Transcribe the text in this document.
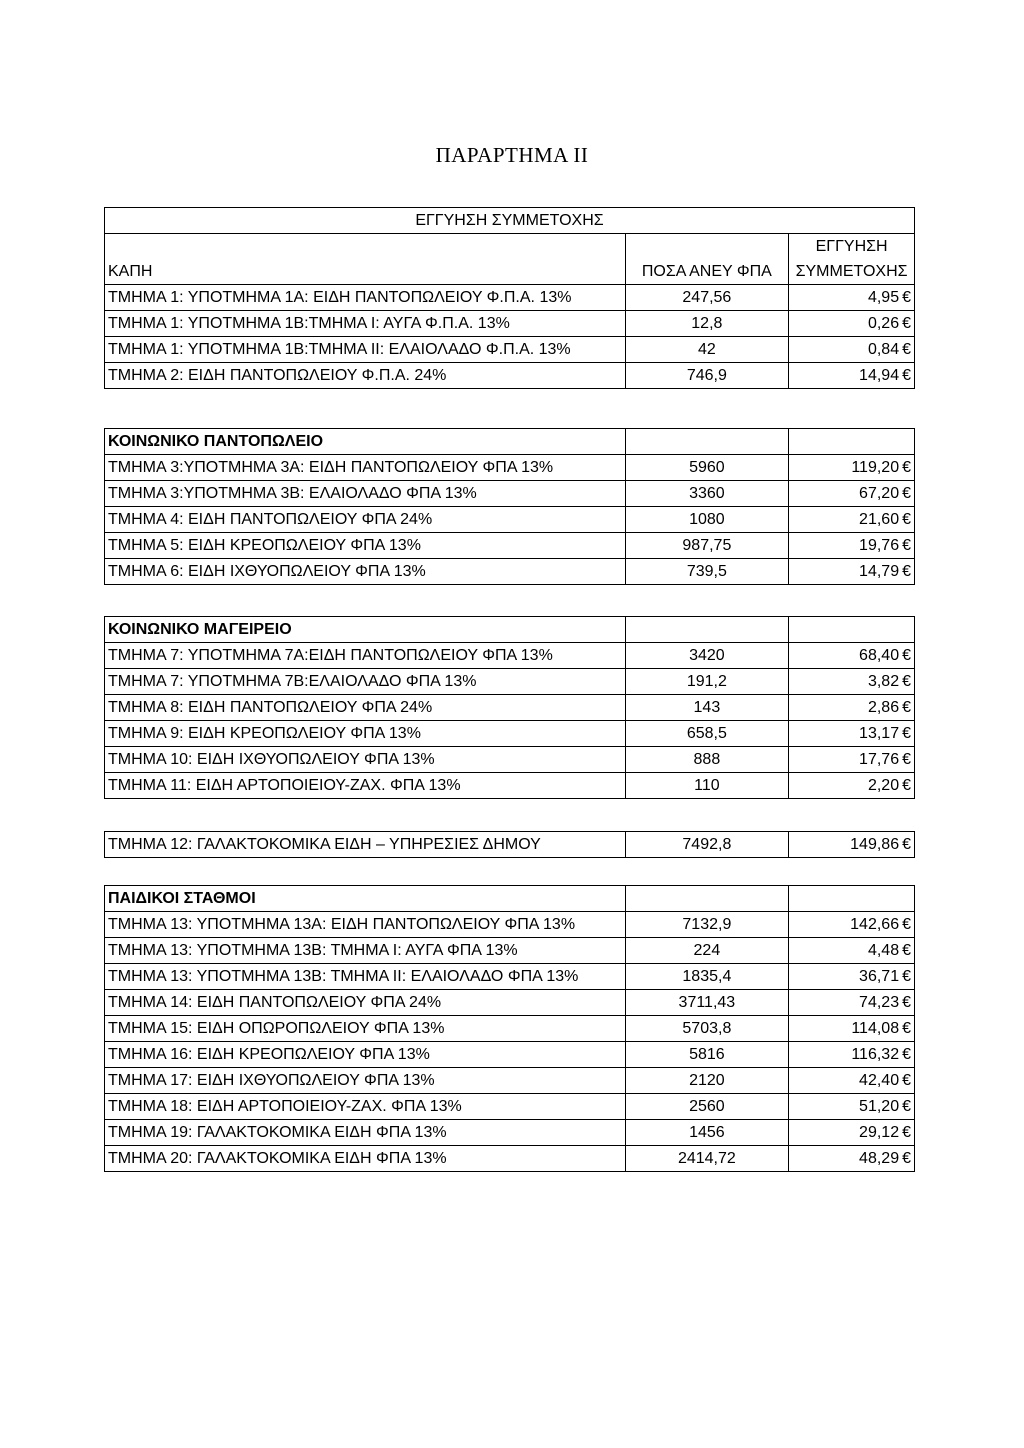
ΠΑΡΑΡΤΗΜΑ ΙΙ
ΕΓΓΥΗΣΗ ΣΥΜΜΕΤΟΧΗΣ		
ΚΑΠΗ	ΠΟΣΑ ΑΝΕΥ ΦΠΑ	ΕΓΓΥΗΣΗ
ΣΥΜΜΕΤΟΧΗΣ
ΤΜΗΜΑ 1: ΥΠΟΤΜΗΜΑ 1Α: ΕΙΔΗ ΠΑΝΤΟΠΩΛΕΙΟΥ Φ.Π.Α. 13%	247,56	4,95 €
ΤΜΗΜΑ 1: ΥΠΟΤΜΗΜΑ 1Β:ΤΜΗΜΑ Ι: ΑΥΓΑ Φ.Π.Α. 13%	12,8	0,26 €
ΤΜΗΜΑ 1: ΥΠΟΤΜΗΜΑ 1Β:ΤΜΗΜΑ ΙΙ: ΕΛΑΙΟΛΑΔΟ Φ.Π.Α. 13%	42	0,84 €
ΤΜΗΜΑ 2: ΕΙΔΗ ΠΑΝΤΟΠΩΛΕΙΟΥ Φ.Π.Α. 24%	746,9	14,94 €
ΚΟΙΝΩΝΙΚΟ ΠΑΝΤΟΠΩΛΕΙΟ		
ΤΜΗΜΑ 3:ΥΠΟΤΜΗΜΑ 3Α: ΕΙΔΗ ΠΑΝΤΟΠΩΛΕΙΟΥ ΦΠΑ 13%	5960	119,20 €
ΤΜΗΜΑ 3:ΥΠΟΤΜΗΜΑ 3Β: ΕΛΑΙΟΛΑΔΟ ΦΠΑ 13%	3360	67,20 €
ΤΜΗΜΑ 4: ΕΙΔΗ ΠΑΝΤΟΠΩΛΕΙΟΥ ΦΠΑ 24%	1080	21,60 €
ΤΜΗΜΑ 5: ΕΙΔΗ ΚΡΕΟΠΩΛΕΙΟΥ ΦΠΑ 13%	987,75	19,76 €
ΤΜΗΜΑ 6: ΕΙΔΗ ΙΧΘΥΟΠΩΛΕΙΟΥ ΦΠΑ 13%	739,5	14,79 €
ΚΟΙΝΩΝΙΚΟ ΜΑΓΕΙΡΕΙΟ		
ΤΜΗΜΑ 7: ΥΠΟΤΜΗΜΑ 7Α:ΕΙΔΗ ΠΑΝΤΟΠΩΛΕΙΟΥ ΦΠΑ 13%	3420	68,40 €
ΤΜΗΜΑ 7: ΥΠΟΤΜΗΜΑ 7Β:ΕΛΑΙΟΛΑΔΟ ΦΠΑ 13%	191,2	3,82 €
ΤΜΗΜΑ 8: ΕΙΔΗ ΠΑΝΤΟΠΩΛΕΙΟΥ ΦΠΑ 24%	143	2,86 €
ΤΜΗΜΑ 9: ΕΙΔΗ ΚΡΕΟΠΩΛΕΙΟΥ ΦΠΑ 13%	658,5	13,17 €
ΤΜΗΜΑ 10: ΕΙΔΗ ΙΧΘΥΟΠΩΛΕΙΟΥ ΦΠΑ 13%	888	17,76 €
ΤΜΗΜΑ 11: ΕΙΔΗ ΑΡΤΟΠΟΙΕΙΟΥ-ΖΑΧ. ΦΠΑ 13%	110	2,20 €
ΤΜΗΜΑ 12: ΓΑΛΑΚΤΟΚΟΜΙΚΑ ΕΙΔΗ – ΥΠΗΡΕΣΙΕΣ ΔΗΜΟΥ	7492,8	149,86 €
ΠΑΙΔΙΚΟΙ ΣΤΑΘΜΟΙ		
ΤΜΗΜΑ 13: ΥΠΟΤΜΗΜΑ 13Α: ΕΙΔΗ ΠΑΝΤΟΠΩΛΕΙΟΥ ΦΠΑ 13%	7132,9	142,66 €
ΤΜΗΜΑ 13: ΥΠΟΤΜΗΜΑ 13Β: ΤΜΗΜΑ Ι: ΑΥΓΑ ΦΠΑ 13%	224	4,48 €
ΤΜΗΜΑ 13: ΥΠΟΤΜΗΜΑ 13Β: ΤΜΗΜΑ ΙΙ: ΕΛΑΙΟΛΑΔΟ ΦΠΑ 13%	1835,4	36,71 €
ΤΜΗΜΑ 14: ΕΙΔΗ ΠΑΝΤΟΠΩΛΕΙΟΥ ΦΠΑ 24%	3711,43	74,23 €
ΤΜΗΜΑ 15: ΕΙΔΗ ΟΠΩΡΟΠΩΛΕΙΟΥ ΦΠΑ 13%	5703,8	114,08 €
ΤΜΗΜΑ 16: ΕΙΔΗ ΚΡΕΟΠΩΛΕΙΟΥ ΦΠΑ 13%	5816	116,32 €
ΤΜΗΜΑ 17: ΕΙΔΗ ΙΧΘΥΟΠΩΛΕΙΟΥ ΦΠΑ 13%	2120	42,40 €
ΤΜΗΜΑ 18: ΕΙΔΗ ΑΡΤΟΠΟΙΕΙΟΥ-ΖΑΧ. ΦΠΑ 13%	2560	51,20 €
ΤΜΗΜΑ 19: ΓΑΛΑΚΤΟΚΟΜΙΚΑ ΕΙΔΗ ΦΠΑ 13%	1456	29,12 €
ΤΜΗΜΑ 20: ΓΑΛΑΚΤΟΚΟΜΙΚΑ ΕΙΔΗ ΦΠΑ 13%	2414,72	48,29 €
